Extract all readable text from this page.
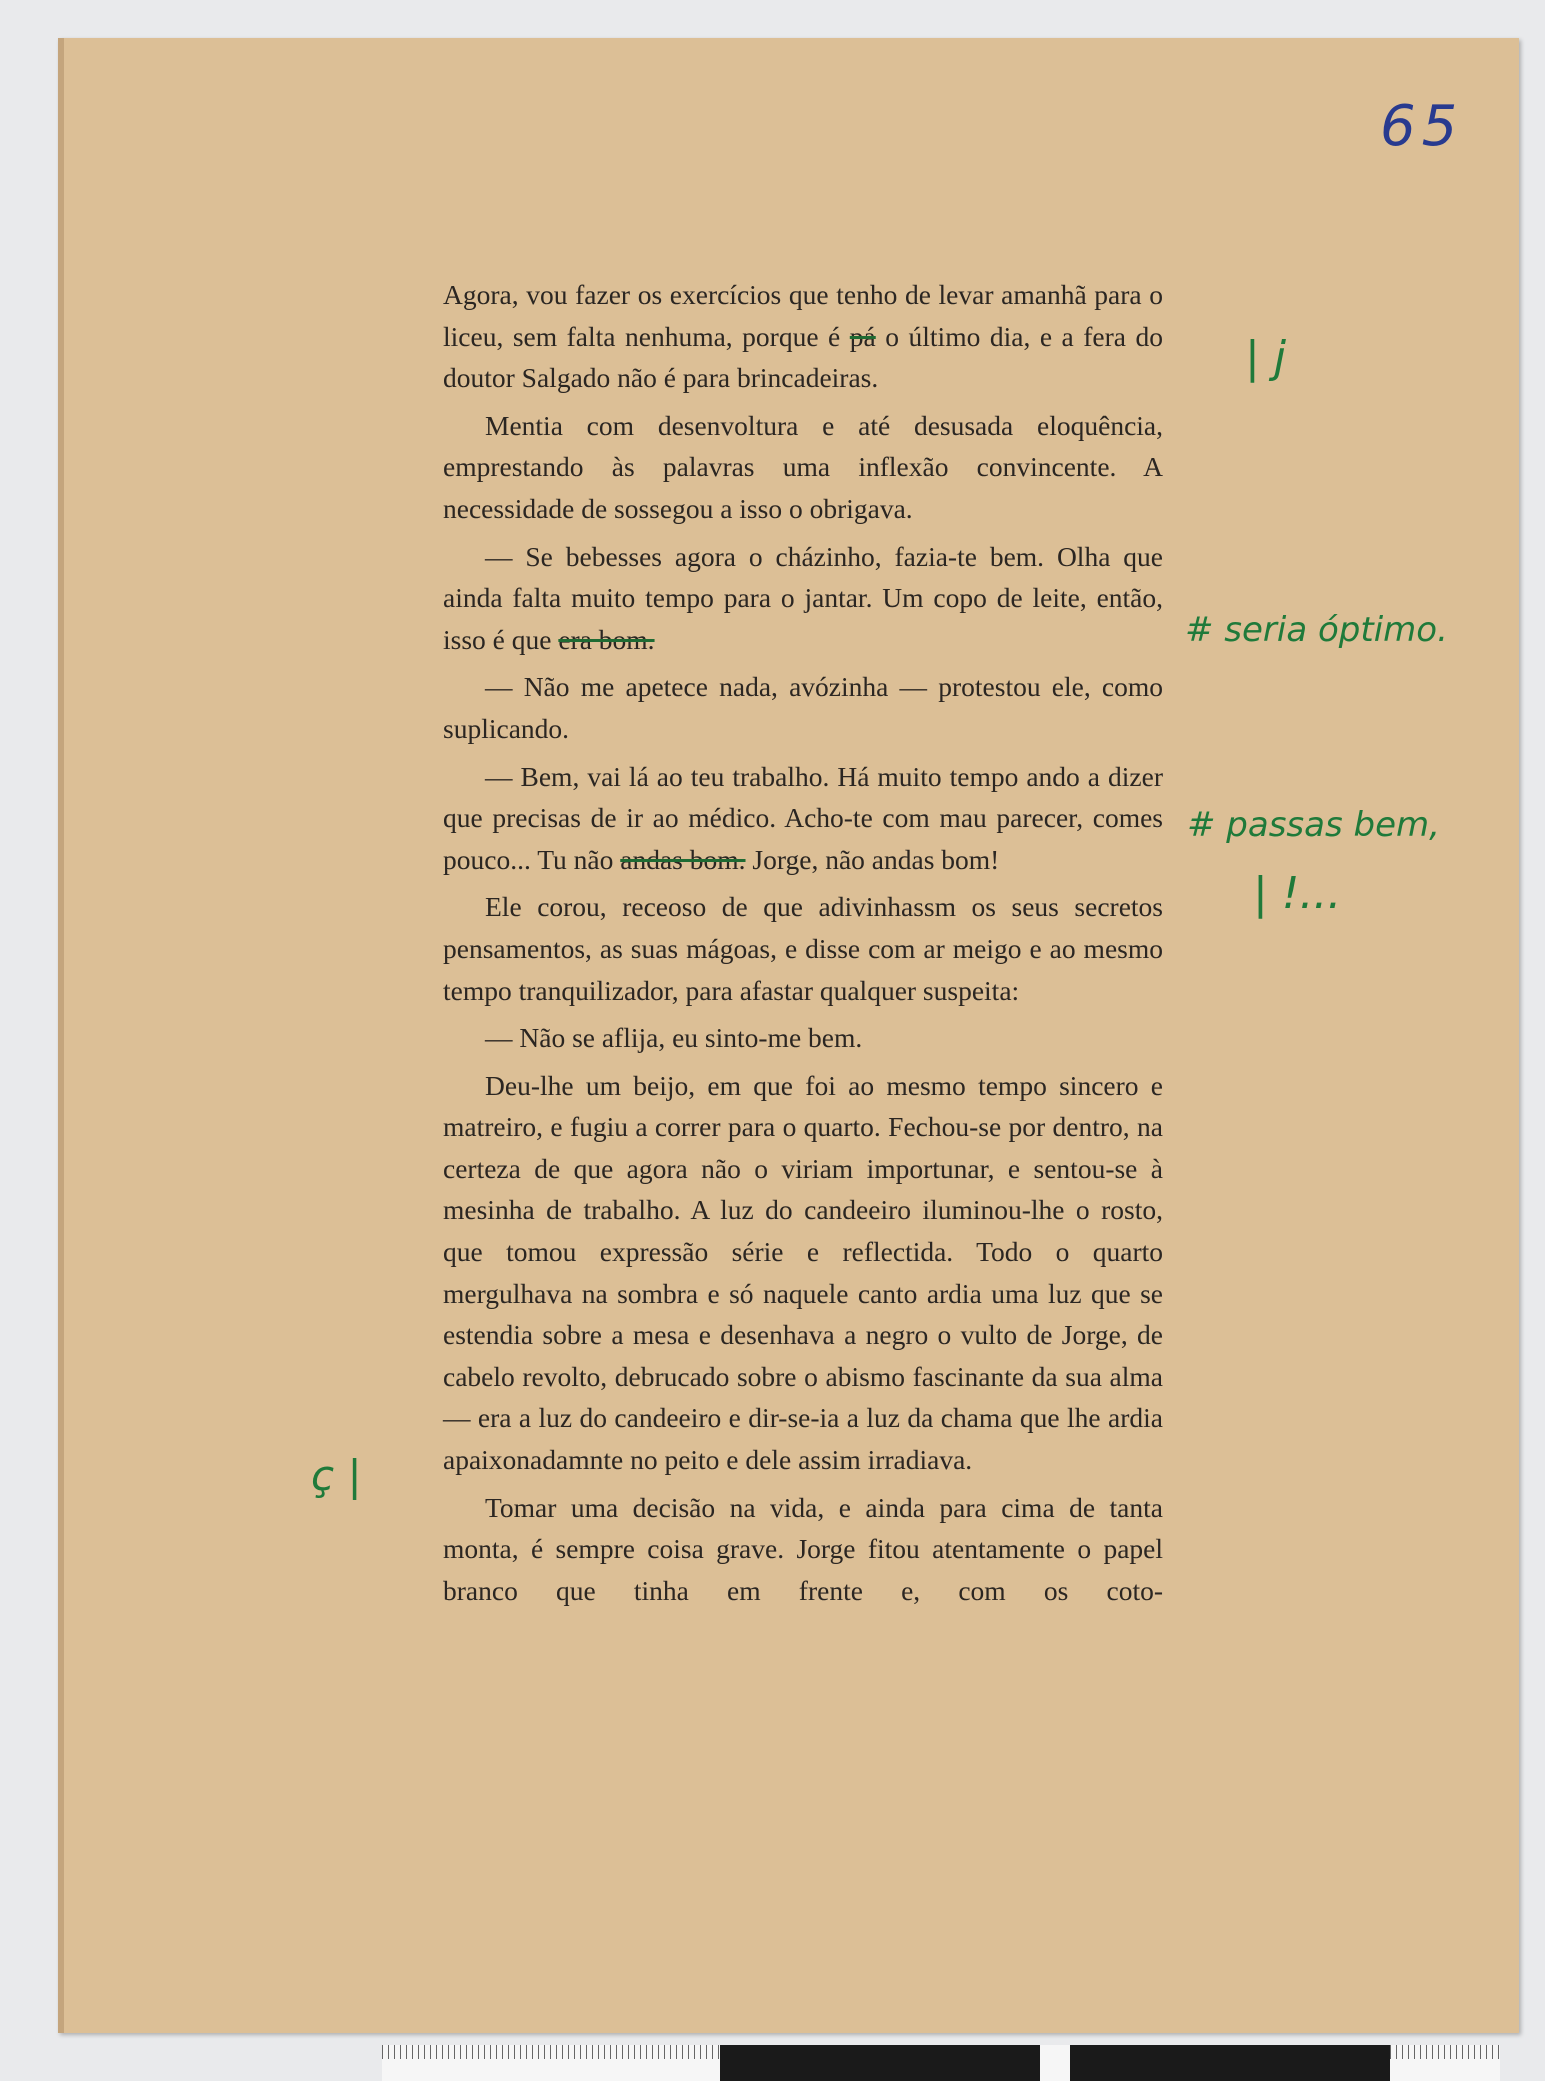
65

Agora, vou fazer os exercícios que tenho de levar amanhã para o liceu, sem falta nenhuma, porque é pá o último dia, e a fera do doutor Salgado não é para brincadeiras.

Mentia com desenvoltura e até desusada eloquência, emprestando às palavras uma inflexão convincente. A necessidade de sossegou a isso o obrigava.

— Se bebesses agora o cházinho, fazia-te bem. Olha que ainda falta muito tempo para o jantar. Um copo de leite, então, isso é que era bom.

— Não me apetece nada, avózinha — protestou ele, como suplicando.

— Bem, vai lá ao teu trabalho. Há muito tempo ando a dizer que precisas de ir ao médico. Acho-te com mau parecer, comes pouco... Tu não andas bom. Jorge, não andas bom!

Ele corou, receoso de que adivinhassm os seus secretos pensamentos, as suas mágoas, e disse com ar meigo e ao mesmo tempo tranquilizador, para afastar qualquer suspeita:

— Não se aflija, eu sinto-me bem.

Deu-lhe um beijo, em que foi ao mesmo tempo sincero e matreiro, e fugiu a correr para o quarto. Fechou-se por dentro, na certeza de que agora não o viriam importunar, e sentou-se à mesinha de trabalho. A luz do candeeiro iluminou-lhe o rosto, que tomou expressão série e reflectida. Todo o quarto mergulhava na sombra e só naquele canto ardia uma luz que se estendia sobre a mesa e desenhava a negro o vulto de Jorge, de cabelo revolto, debrucado sobre o abismo fascinante da sua alma — era a luz do candeeiro e dir-se-ia a luz da chama que lhe ardia apaixonadamnte no peito e dele assim irradiava.

Tomar uma decisão na vida, e ainda para cima de tanta monta, é sempre coisa grave. Jorge fitou atentamente o papel branco que tinha em frente e, com os coto-

| j
# seria óptimo.
# passas bem,
| !...
ç |
